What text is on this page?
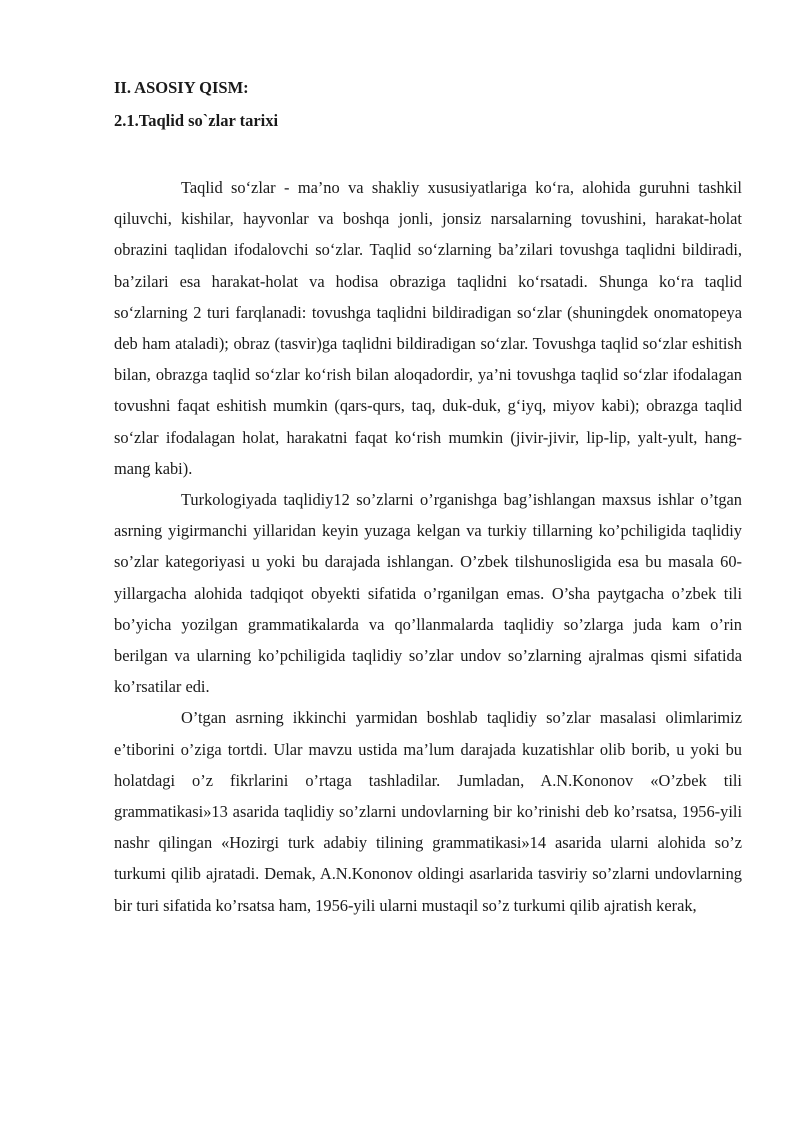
II. ASOSIY QISM:

2.1.Taqlid so`zlar tarixi

Taqlid so‘zlar - ma’no va shakliy xususiyatlariga ko‘ra, alohida guruhni tashkil qiluvchi, kishilar, hayvonlar va boshqa jonli, jonsiz narsalarning tovushini, harakat-holat obrazini taqlidan ifodalovchi so‘zlar. Taqlid so‘zlarning ba’zilari tovushga taqlidni bildiradi, ba’zilari esa harakat-holat va hodisa obraziga taqlidni ko‘rsatadi. Shunga ko‘ra taqlid so‘zlarning 2 turi farqlanadi: tovushga taqlidni bildiradigan so‘zlar (shuningdek onomatopeya deb ham ataladi); obraz (tasvir)ga taqlidni bildiradigan so‘zlar. Tovushga taqlid so‘zlar eshitish bilan, obrazga taqlid so‘zlar ko‘rish bilan aloqadordir, ya’ni tovushga taqlid so‘zlar ifodalagan tovushni faqat eshitish mumkin (qars-qurs, taq, duk-duk, g‘iyq, miyov kabi); obrazga taqlid so‘zlar ifodalagan holat, harakatni faqat ko‘rish mumkin (jivir-jivir, lip-lip, yalt-yult, hang-mang kabi).

Turkologiyada taqlidiy12 so’zlarni o’rganishga bag’ishlangan maxsus ishlar o’tgan asrning yigirmanchi yillaridan keyin yuzaga kelgan va turkiy tillarning ko’pchiligida taqlidiy so’zlar kategoriyasi u yoki bu darajada ishlangan. O’zbek tilshunosligida esa bu masala 60-yillargacha alohida tadqiqot obyekti sifatida o’rganilgan emas. O’sha paytgacha o’zbek tili bo’yicha yozilgan grammatikalarda va qo’llanmalarda taqlidiy so’zlarga juda kam o’rin berilgan va ularning ko’pchiligida taqlidiy so’zlar undov so’zlarning ajralmas qismi sifatida ko’rsatilar edi.

O’tgan asrning ikkinchi yarmidan boshlab taqlidiy so’zlar masalasi olimlarimiz e’tiborini o’ziga tortdi. Ular mavzu ustida ma’lum darajada kuzatishlar olib borib, u yoki bu holatdagi o’z fikrlarini o’rtaga tashladilar. Jumladan, A.N.Kononov «O’zbek tili grammatikasi»13 asarida taqlidiy so’zlarni undovlarning bir ko’rinishi deb ko’rsatsa, 1956-yili nashr qilingan «Hozirgi turk adabiy tilining grammatikasi»14 asarida ularni alohida so’z turkumi qilib ajratadi. Demak, A.N.Kononov oldingi asarlarida tasviriy so’zlarni undovlarning bir turi sifatida ko’rsatsa ham, 1956-yili ularni mustaqil so’z turkumi qilib ajratish kerak,
